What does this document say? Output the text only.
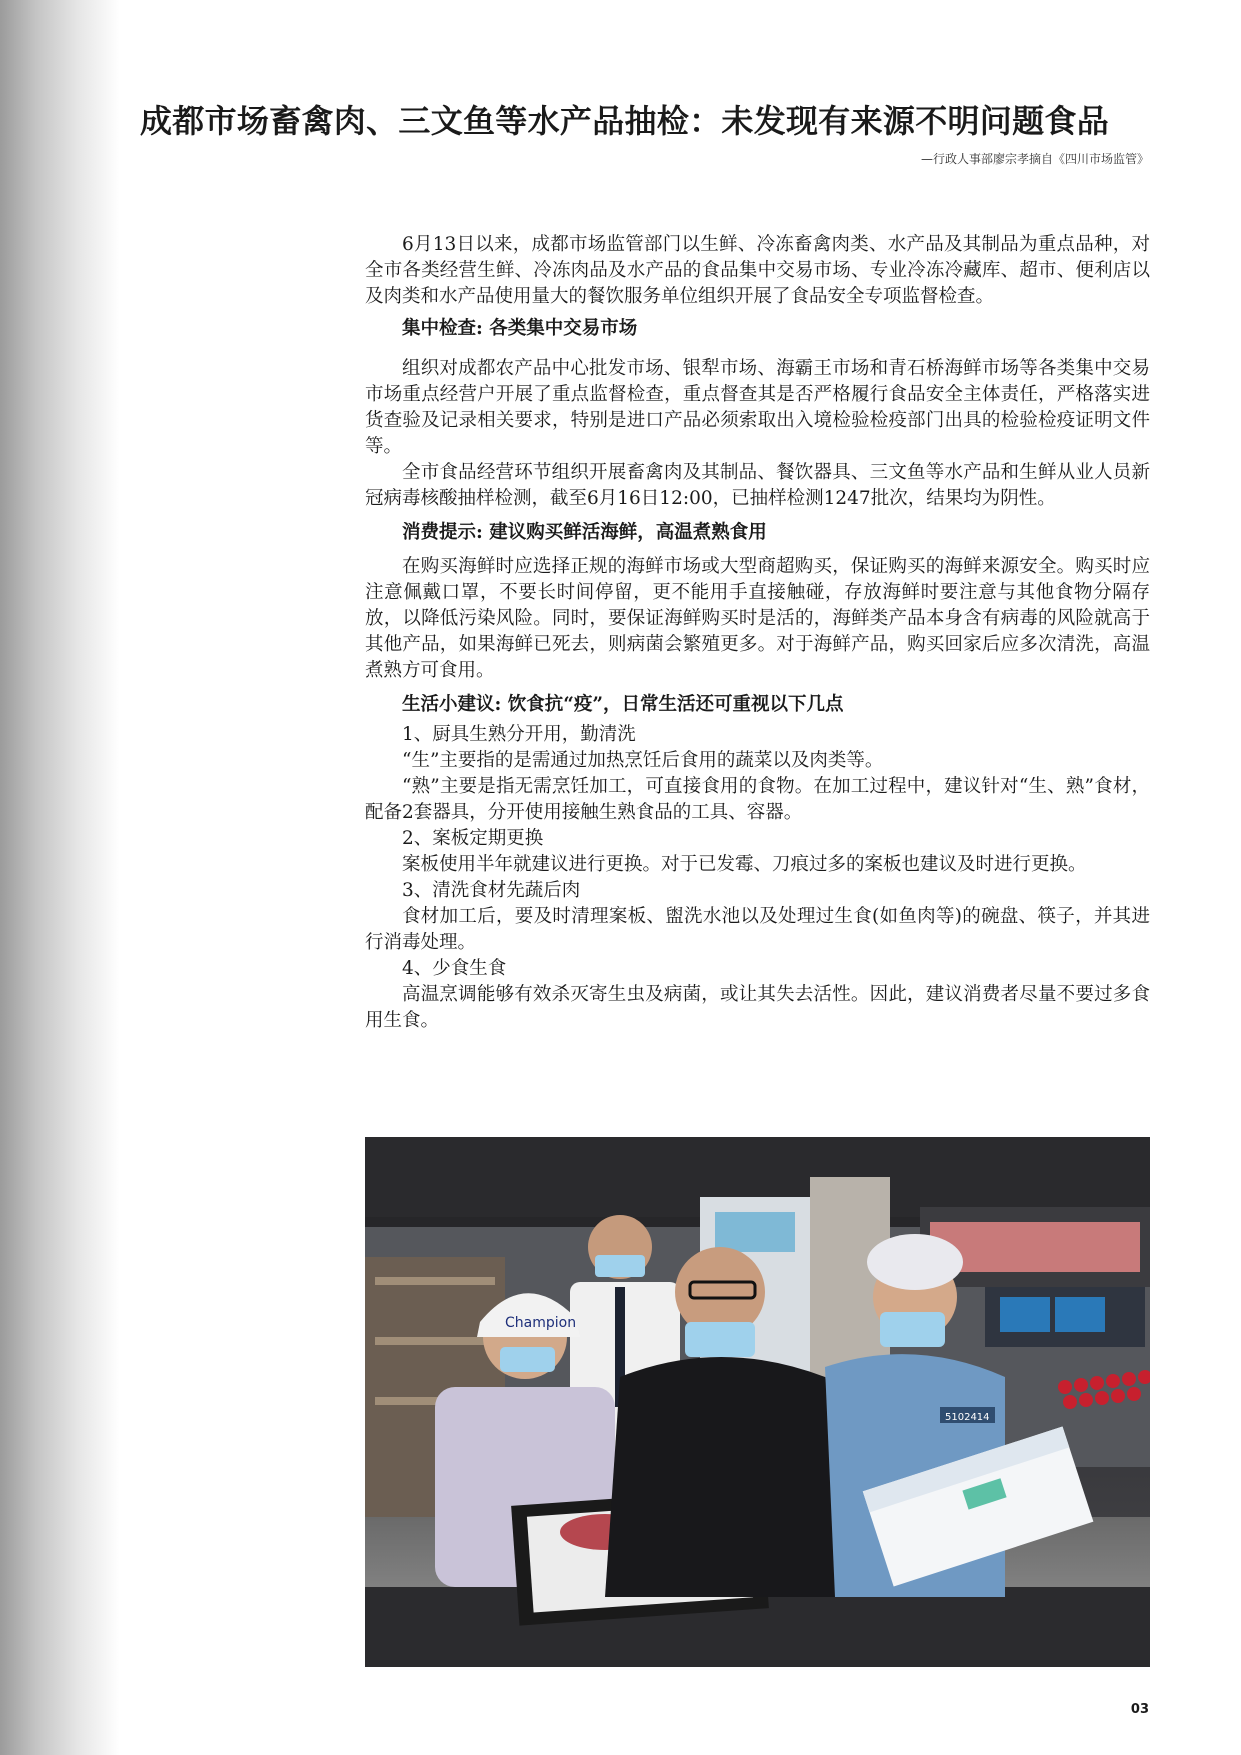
成都市场畜禽肉、三文鱼等水产品抽检：未发现有来源不明问题食品
—行政人事部廖宗孝摘自《四川市场监管》

6月13日以来，成都市场监管部门以生鲜、冷冻畜禽肉类、水产品及其制品为重点品种，对全市各类经营生鲜、冷冻肉品及水产品的食品集中交易市场、专业冷冻冷藏库、超市、便利店以及肉类和水产品使用量大的餐饮服务单位组织开展了食品安全专项监督检查。

集中检查: 各类集中交易市场

组织对成都农产品中心批发市场、银犁市场、海霸王市场和青石桥海鲜市场等各类集中交易市场重点经营户开展了重点监督检查，重点督查其是否严格履行食品安全主体责任，严格落实进货查验及记录相关要求，特别是进口产品必须索取出入境检验检疫部门出具的检验检疫证明文件等。

全市食品经营环节组织开展畜禽肉及其制品、餐饮器具、三文鱼等水产品和生鲜从业人员新冠病毒核酸抽样检测，截至6月16日12:00，已抽样检测1247批次，结果均为阴性。

消费提示: 建议购买鲜活海鲜，高温煮熟食用

在购买海鲜时应选择正规的海鲜市场或大型商超购买，保证购买的海鲜来源安全。购买时应注意佩戴口罩，不要长时间停留，更不能用手直接触碰，存放海鲜时要注意与其他食物分隔存放，以降低污染风险。同时，要保证海鲜购买时是活的，海鲜类产品本身含有病毒的风险就高于其他产品，如果海鲜已死去，则病菌会繁殖更多。对于海鲜产品，购买回家后应多次清洗，高温煮熟方可食用。

生活小建议: 饮食抗“疫”，日常生活还可重视以下几点

1、厨具生熟分开用，勤清洗

“生”主要指的是需通过加热烹饪后食用的蔬菜以及肉类等。

“熟”主要是指无需烹饪加工，可直接食用的食物。在加工过程中，建议针对“生、熟”食材，配备2套器具，分开使用接触生熟食品的工具、容器。

2、案板定期更换

案板使用半年就建议进行更换。对于已发霉、刀痕过多的案板也建议及时进行更换。

3、清洗食材先蔬后肉

食材加工后，要及时清理案板、盥洗水池以及处理过生食(如鱼肉等)的碗盘、筷子，并其进行消毒处理。

4、少食生食

高温烹调能够有效杀灭寄生虫及病菌，或让其失去活性。因此，建议消费者尽量不要过多食用生食。

Champion
5102414
03
